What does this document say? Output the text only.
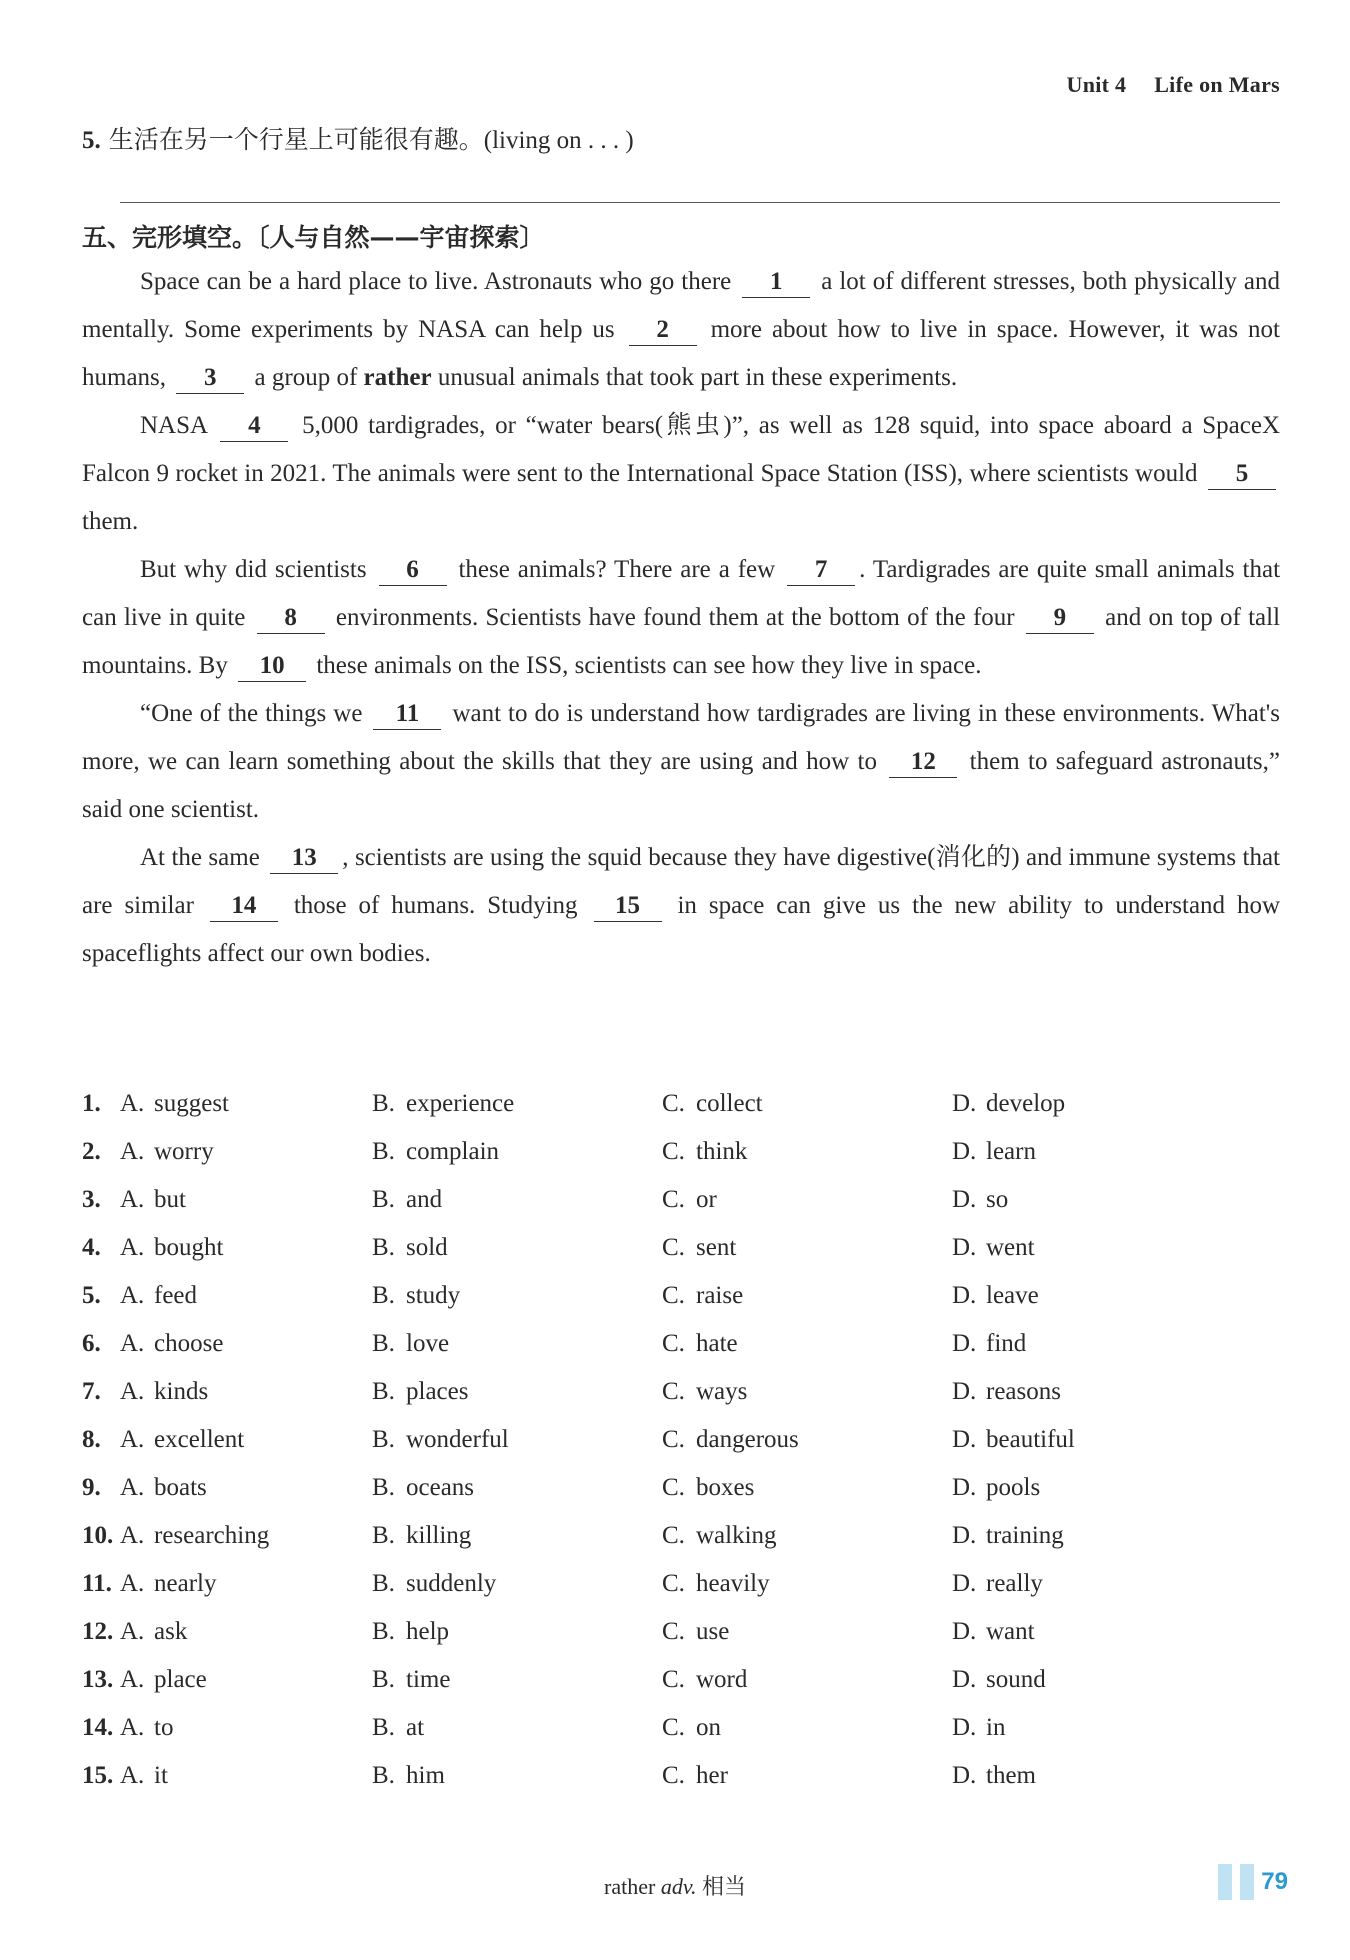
Unit 4 Life on Mars
5. 生活在另一个行星上可能很有趣。(living on . . . )
五、完形填空。〔人与自然——宇宙探索〕

Space can be a hard place to live. Astronauts who go there 1 a lot of different stresses, both physically and mentally. Some experiments by NASA can help us 2 more about how to live in space. However, it was not humans, 3 a group of rather unusual animals that took part in these experiments.

NASA 4 5,000 tardigrades, or “water bears(熊虫)”, as well as 128 squid, into space aboard a SpaceX Falcon 9 rocket in 2021. The animals were sent to the International Space Station (ISS), where scientists would 5 them.

But why did scientists 6 these animals? There are a few 7 . Tardigrades are quite small animals that can live in quite 8 environments. Scientists have found them at the bottom of the four 9 and on top of tall mountains. By 10 these animals on the ISS, scientists can see how they live in space.

“One of the things we 11 want to do is understand how tardigrades are living in these environments. What's more, we can learn something about the skills that they are using and how to 12 them to safeguard astronauts,” said one scientist.

At the same 13 , scientists are using the squid because they have digestive(消化的) and immune systems that are similar 14 those of humans. Studying 15 in space can give us the new ability to understand how spaceflights affect our own bodies.

1. A. suggest	B. experience	C. collect	D. develop
2. A. worry	B. complain	C. think	D. learn
3. A. but	B. and	C. or	D. so
4. A. bought	B. sold	C. sent	D. went
5. A. feed	B. study	C. raise	D. leave
6. A. choose	B. love	C. hate	D. find
7. A. kinds	B. places	C. ways	D. reasons
8. A. excellent	B. wonderful	C. dangerous	D. beautiful
9. A. boats	B. oceans	C. boxes	D. pools
10. A. researching	B. killing	C. walking	D. training
11. A. nearly	B. suddenly	C. heavily	D. really
12. A. ask	B. help	C. use	D. want
13. A. place	B. time	C. word	D. sound
14. A. to	B. at	C. on	D. in
15. A. it	B. him	C. her	D. them
rather adv. 相当	79
